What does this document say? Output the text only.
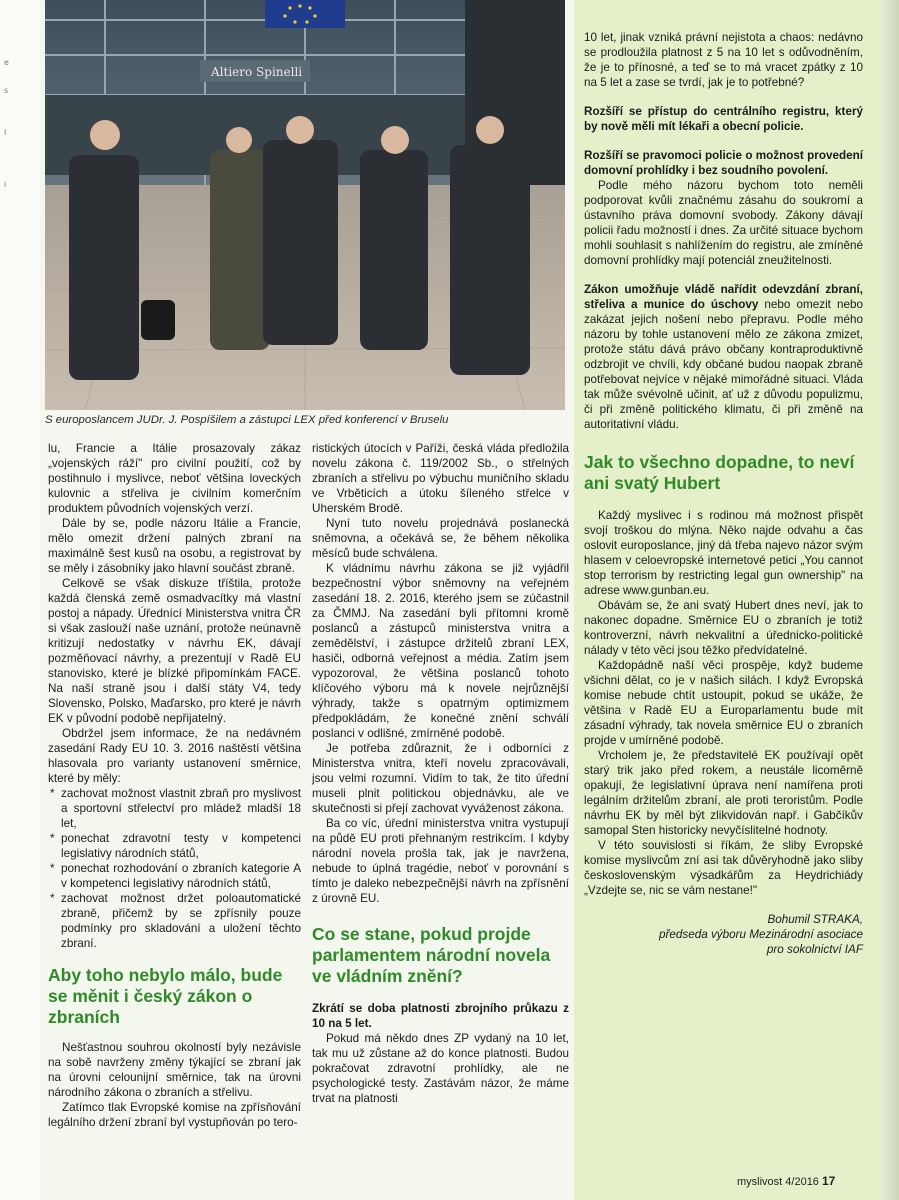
e
s
l
i
Altiero Spinelli
S europoslancem JUDr. J. Pospíšilem a zástupci LEX před konferencí v Bruselu

lu, Francie a Itálie prosazovaly zákaz „vojenských ráží" pro civilní použití, což by postihnulo i myslivce, neboť většina loveckých kulovnic a střeliva je civilním komerčním produktem původních vojenských verzí.

Dále by se, podle názoru Itálie a Francie, mělo omezit držení palných zbraní na maximálně šest kusů na osobu, a registrovat by se měly i zásobníky jako hlavní součást zbraně.

Celkově se však diskuze tříštila, protože každá členská země osmadvacítky má vlastní postoj a nápady. Úřednící Ministerstva vnitra ČR si však zaslouží naše uznání, protože neúnavně kritizují nedostatky v návrhu EK, dávají pozměňovací návrhy, a prezentují v Radě EU stanovisko, které je blízké připomínkám FACE. Na naší straně jsou i další státy V4, tedy Slovensko, Polsko, Maďarsko, pro které je návrh EK v původní podobě nepřijatelný.

Obdržel jsem informace, že na nedávném zasedání Rady EU 10. 3. 2016 naštěstí většina hlasovala pro varianty ustanovení směrnice, které by měly:

* zachovat možnost vlastnit zbraň pro myslivost a sportovní střelectví pro mládež mladší 18 let,
* ponechat zdravotní testy v kompetenci legislativy národních států,
* ponechat rozhodování o zbraních kategorie A v kompetenci legislativy národních států,
* zachovat možnost držet poloautomatické zbraně, přičemž by se zpřísnily pouze podmínky pro skladování a uložení těchto zbraní.
Aby toho nebylo málo, bude se měnit i český zákon o zbraních

Nešťastnou souhrou okolností byly nezávisle na sobě navrženy změny týkající se zbraní jak na úrovni celounijní směrnice, tak na úrovni národního zákona o zbraních a střelivu.

Zatímco tlak Evropské komise na zpřísňování legálního držení zbraní byl vystupňován po tero-

ristických útocích v Paříži, česká vláda předložila novelu zákona č. 119/2002 Sb., o střelných zbraních a střelivu po výbuchu muničního skladu ve Vrběticích a útoku šíleného střelce v Uherském Brodě.

Nyní tuto novelu projednává poslanecká sněmovna, a očekává se, že během několika měsíců bude schválena.

K vládnímu návrhu zákona se již vyjádřil bezpečnostní výbor sněmovny na veřejném zasedání 18. 2. 2016, kterého jsem se zúčastnil za ČMMJ. Na zasedání byli přítomni kromě poslanců a zástupců ministerstva vnitra a zemědělství, i zástupce držitelů zbraní LEX, hasiči, odborná veřejnost a média. Zatím jsem vypozoroval, že většina poslanců tohoto klíčového výboru má k novele nejrůznější výhrady, takže s opatrným optimizmem předpokládám, že konečné znění schválí poslanci v odlišné, zmírněné podobě.

Je potřeba zdůraznit, že i odborníci z Ministerstva vnitra, kteří novelu zpracovávali, jsou velmi rozumní. Vidím to tak, že tito úřední museli plnit politickou objednávku, ale ve skutečnosti si přejí zachovat vyváženost zákona.

Ba co víc, úřední ministerstva vnitra vystupují na půdě EU proti přehnaným restrikcím. I kdyby národní novela prošla tak, jak je navržena, nebude to úplná tragédie, neboť v porovnání s tímto je daleko nebezpečnější návrh na zpřísnění z úrovně EU.

Co se stane, pokud projde parlamentem národní novela ve vládním znění?

Zkrátí se doba platnosti zbrojního průkazu z 10 na 5 let.

Pokud má někdo dnes ZP vydaný na 10 let, tak mu už zůstane až do konce platnosti. Budou pokračovat zdravotní prohlídky, ale ne psychologické testy. Zastávám názor, že máme trvat na platnosti

10 let, jinak vzniká právní nejistota a chaos: nedávno se prodloužila platnost z 5 na 10 let s odůvodněním, že je to přínosné, a teď se to má vracet zpátky z 10 na 5 let a zase se tvrdí, jak je to potřebné?

Rozšíří se přístup do centrálního registru, který by nově měli mít lékaři a obecní policie.

Rozšíří se pravomoci policie o možnost provedení domovní prohlídky i bez soudního povolení.

Podle mého názoru bychom toto neměli podporovat kvůli značnému zásahu do soukromí a ústavního práva domovní svobody. Zákony dávají policii řadu možností i dnes. Za určité situace bychom mohli souhlasit s nahlížením do registru, ale zmíněné domovní prohlídky mají potenciál zneužitelnosti.

Zákon umožňuje vládě nařídit odevzdání zbraní, střeliva a munice do úschovy nebo omezit nebo zakázat jejich nošení nebo přepravu. Podle mého názoru by tohle ustanovení mělo ze zákona zmizet, protože státu dává právo občany kontraproduktivně odzbrojit ve chvíli, kdy občané budou naopak zbraně potřebovat nejvíce v nějaké mimořádné situaci. Vláda tak může svévolně učinit, ať už z důvodu populizmu, či při změně politického klimatu, či při změně na autoritativní vládu.

Jak to všechno dopadne, to neví ani svatý Hubert

Každý myslivec i s rodinou má možnost přispět svojí troškou do mlýna. Něko najde odvahu a čas oslovit europoslance, jiný dá třeba najevo názor svým hlasem v celoevropské internetové petici „You cannot stop terrorism by restricting legal gun ownership" na adrese www.gunban.eu.

Obávám se, že ani svatý Hubert dnes neví, jak to nakonec dopadne. Směrnice EU o zbraních je totiž kontroverzní, návrh nekvalitní a úřednicko-politické nálady v této věci jsou těžko předvídatelné.

Každopádně naší věci prospěje, když budeme všichni dělat, co je v našich silách. I když Evropská komise nebude chtít ustoupit, pokud se ukáže, že většina v Radě EU a Europarlamentu bude mít zásadní výhrady, tak novela směrnice EU o zbraních projde v umírněné podobě.

Vrcholem je, že představitelé EK používají opět starý trik jako před rokem, a neustále licoměrně opakují, že legislativní úprava není namířena proti legálním držitelům zbraní, ale proti teroristům. Podle návrhu EK by měl být zlikvidován např. i Gabčíkův samopal Sten historicky nevyčíslitelné hodnoty.

V této souvislosti si říkám, že sliby Evropské komise myslivcům zní asi tak důvěryhodně jako sliby československým výsadkářům za Heydrichiády „Vzdejte se, nic se vám nestane!"

Bohumil STRAKA,
předseda výboru Mezinárodní asociace
pro sokolnictví IAF
myslivost 4/2016 17
